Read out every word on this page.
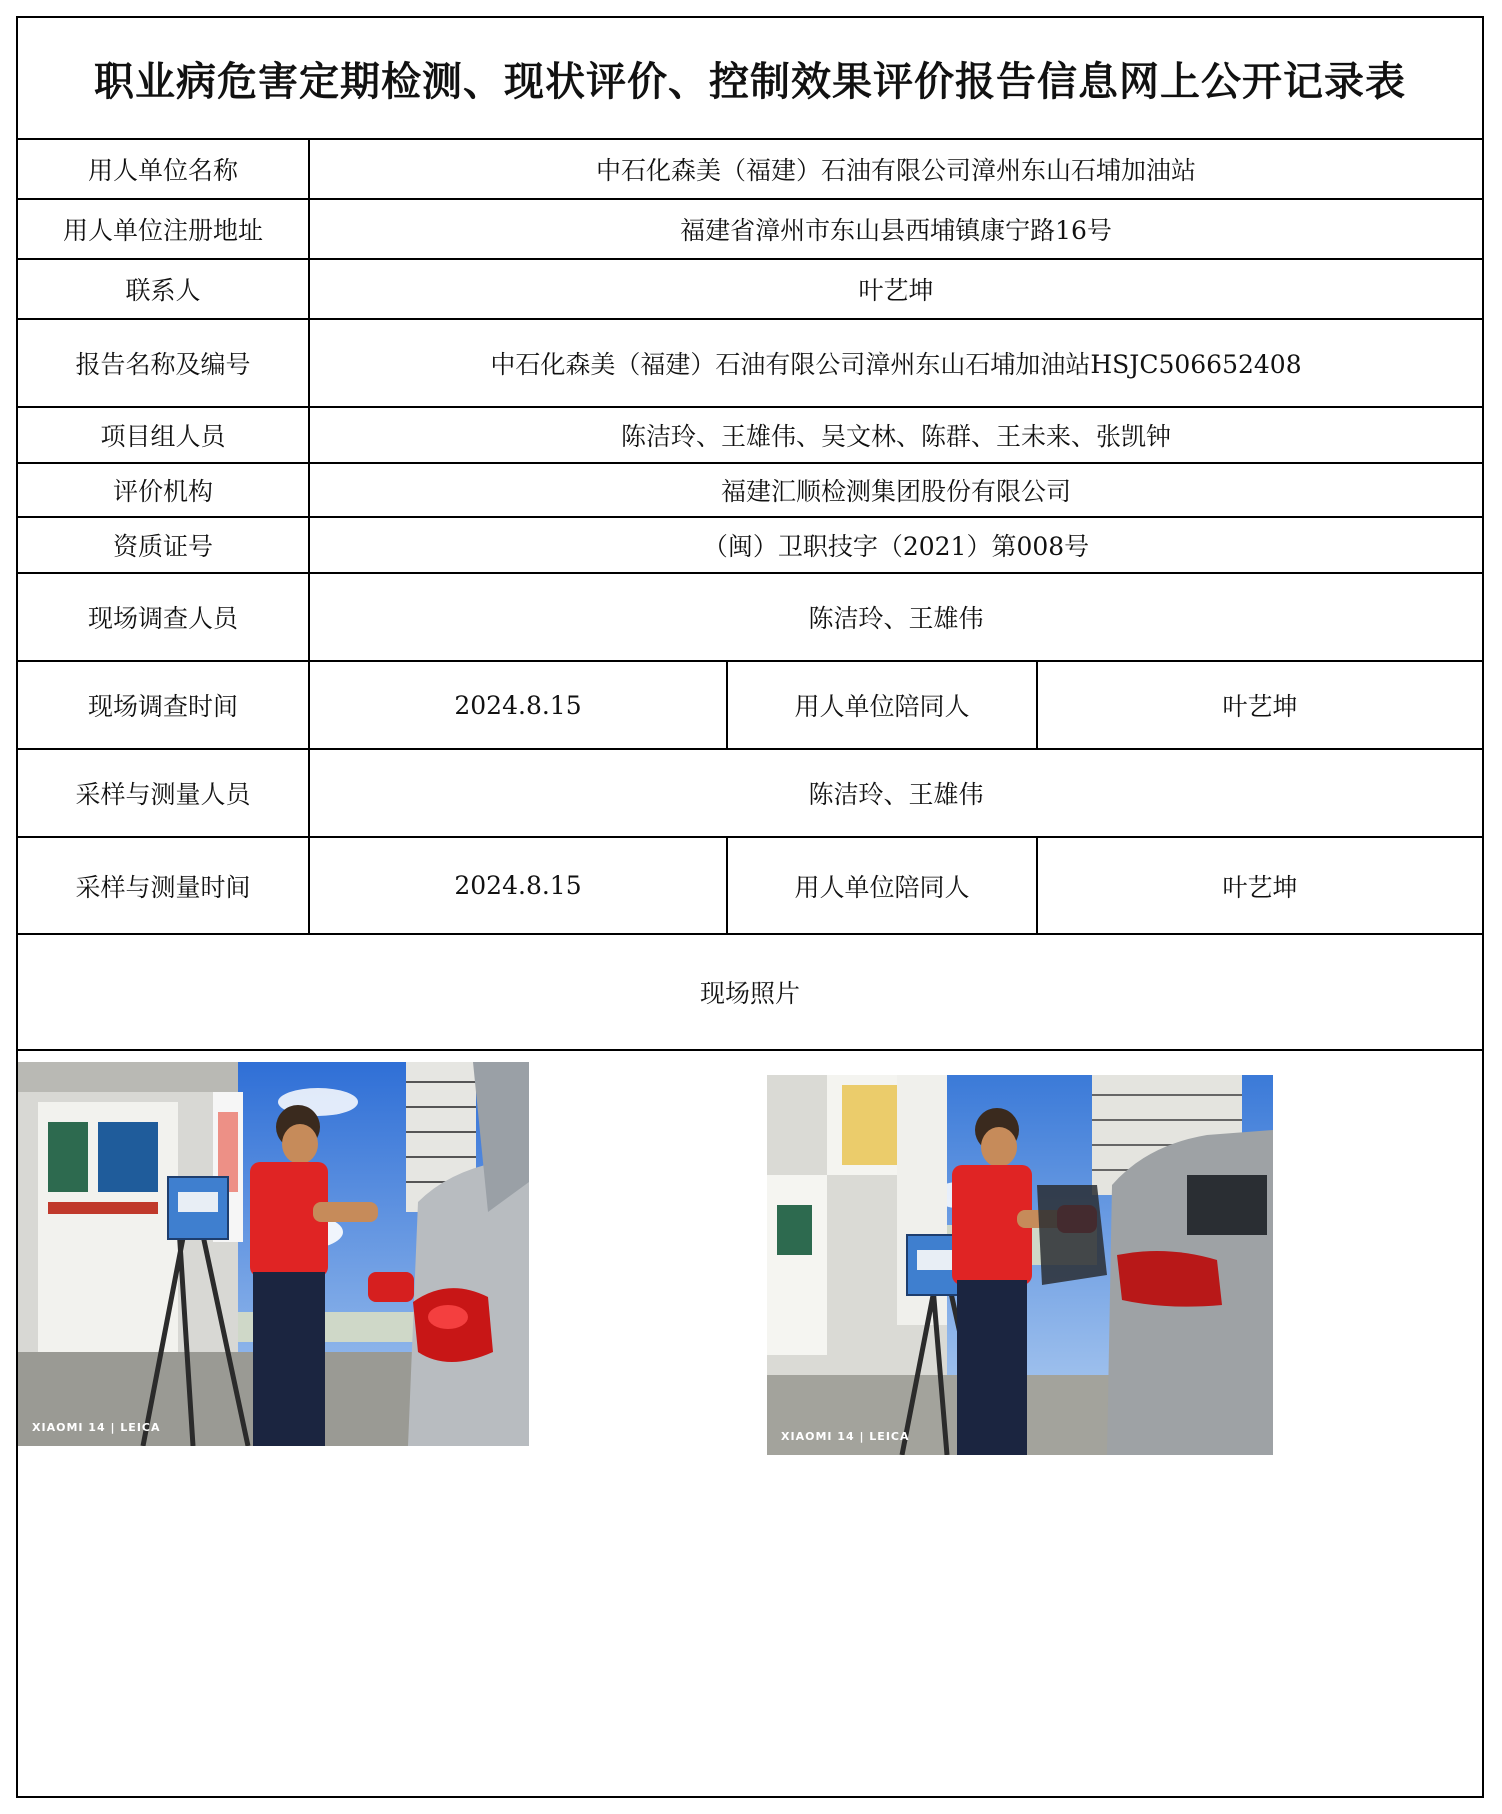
职业病危害定期检测、现状评价、控制效果评价报告信息网上公开记录表
用人单位名称	中石化森美（福建）石油有限公司漳州东山石埔加油站
用人单位注册地址	福建省漳州市东山县西埔镇康宁路16号
联系人	叶艺坤
报告名称及编号	中石化森美（福建）石油有限公司漳州东山石埔加油站HSJC506652408
项目组人员	陈洁玲、王雄伟、吴文林、陈群、王未来、张凯钟
评价机构	福建汇顺检测集团股份有限公司
资质证号	（闽）卫职技字（2021）第008号
现场调查人员	陈洁玲、王雄伟
现场调查时间	2024.8.15	用人单位陪同人	叶艺坤
采样与测量人员	陈洁玲、王雄伟
采样与测量时间	2024.8.15	用人单位陪同人	叶艺坤
现场照片
XIAOMI 14 | LEICA
XIAOMI 14 | LEICA
